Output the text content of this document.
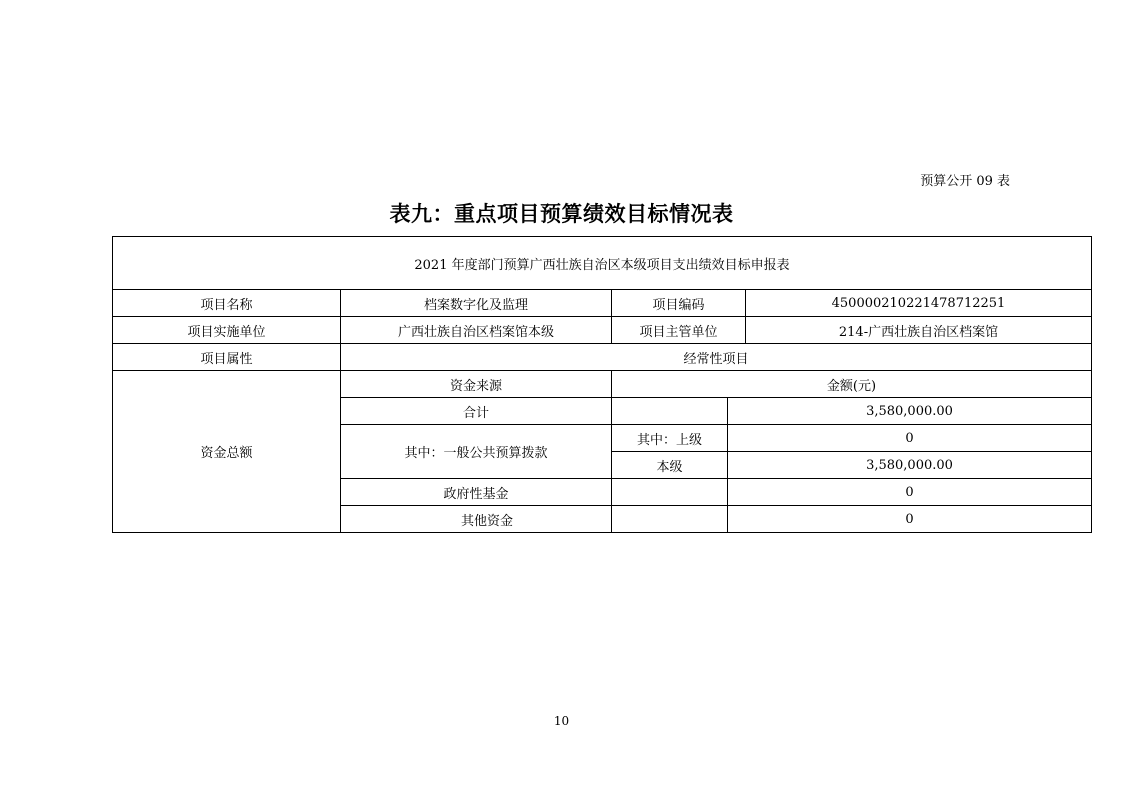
预算公开 09 表
表九：重点项目预算绩效目标情况表
2021 年度部门预算广西壮族自治区本级项目支出绩效目标申报表				
项目名称	档案数字化及监理	项目编码		450000210221478712251
项目实施单位	广西壮族自治区档案馆本级	项目主管单位		214-广西壮族自治区档案馆
项目属性	经常性项目			
资金总额	资金来源	金额(元)		
	合计		3,580,000.00	
	其中：一般公共预算拨款	其中：上级	0	
		本级	3,580,000.00	
	政府性基金		0	
	其他资金		0	
10
